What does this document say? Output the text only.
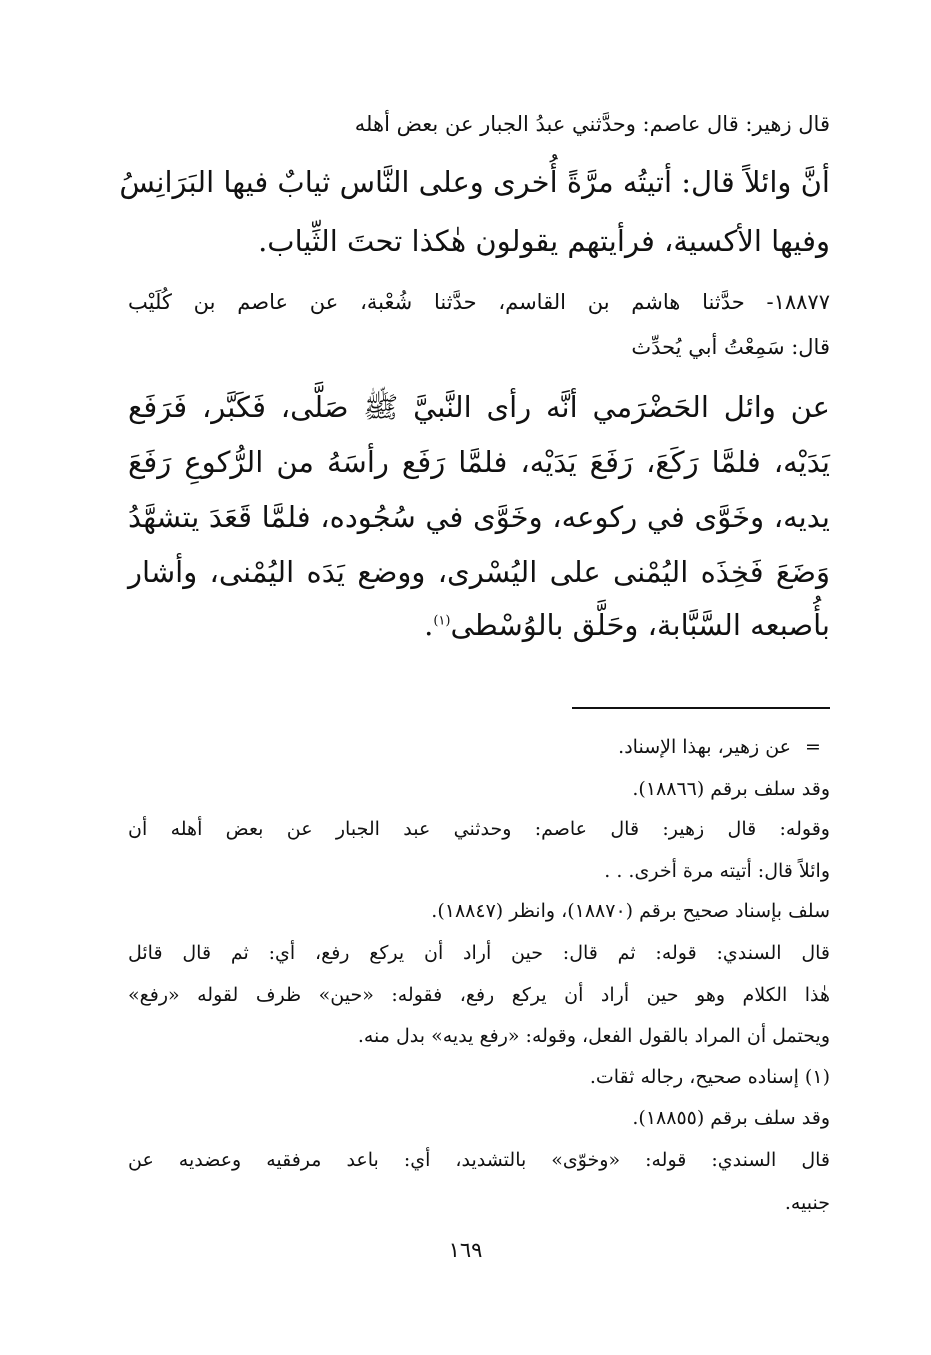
قال زهير: قال عاصم: وحدَّثني عبدُ الجبار عن بعض أهله

أنَّ وائلاً قال: أتيتُه مرَّةً أُخرى وعلى النَّاس ثيابٌ فيها البَرَانِسُ

وفيها الأكسية، فرأيتهم يقولون هٰكذا تحتَ الثِّياب.

١٨٨٧٧- حدَّثنا هاشم بن القاسم، حدَّثنا شُعْبة، عن عاصم بن كُلَيْب

قال: سَمِعْتُ أبي يُحدِّث

عن وائل الحَضْرَمي أنَّه رأى النَّبيَّ ﷺ صَلَّى، فَكَبَّر، فَرَفَع

يَدَيْه، فلمَّا رَكَعَ، رَفَعَ يَدَيْه، فلمَّا رَفَع رأسَهُ من الرُّكوعِ رَفَعَ

يديه، وخَوَّى في ركوعه، وخَوَّى في سُجُوده، فلمَّا قَعَدَ يتشهَّدُ

وَضَعَ فَخِذَه اليُمْنى على اليُسْرى، ووضع يَدَه اليُمْنى، وأشار

بأُصبعه السَّبَّابة، وحَلَّق بالوُسْطى$^{(١)}$.

=

عن زهير، بهذا الإسناد.

وقد سلف برقم (١٨٨٦٦).

وقوله: قال زهير: قال عاصم: وحدثني عبد الجبار عن بعض أهله أن

وائلاً قال: أتيته مرة أخرى. . .

سلف بإسناد صحيح برقم (١٨٨٧٠)، وانظر (١٨٨٤٧).

قال السندي: قوله: ثم قال: حين أراد أن يركع رفع، أي: ثم قال قائل

هٰذا الكلام وهو حين أراد أن يركع رفع، فقوله: «حين» ظرف لقوله «رفع»

ويحتمل أن المراد بالقول الفعل، وقوله: «رفع يديه» بدل منه.

(١) إسناده صحيح، رجاله ثقات.

وقد سلف برقم (١٨٨٥٥).

قال السندي: قوله: «وخوّى» بالتشديد، أي: باعد مرفقيه وعضديه عن

جنبيه.

١٦٩
